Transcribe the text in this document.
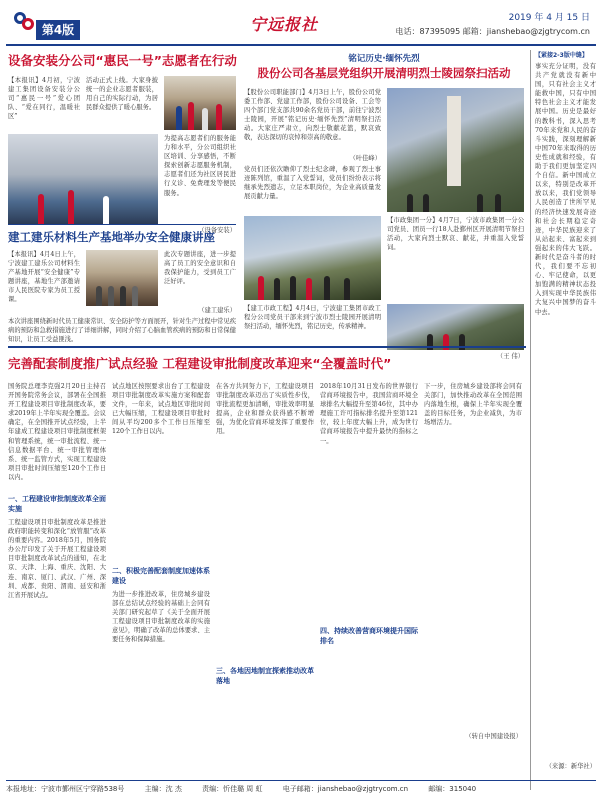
第4版	宁远报社	2019 年 4 月 15 日
电话：87395095 邮箱：jianshebao@zjgtrycom.cn
设备安装分公司“惠民一号”志愿者在行动
【本报讯】4月初，宁波建工集团设备安装分公司“惠民一号”爱心团队、“爱在同行，温暖社区”
活动正式上线。大家身披统一的企业志愿者服装，用自己的实际行动，为居民群众提供了暖心服务。
为提高志愿者们的服务能力和水平，分公司组织社区培训、分享感悟，不断探索创新志愿服务机制，志愿者们还为社区居民进行义诊、免费理发等便民服务。
（设备安装）
建工建乐材料生产基地举办安全健康讲座
【本报讯】4月4日上午，宁波建工建乐公司材料生产基地开展“安全健康”专题讲座，基地生产部邀请市人民医院专家为员工授课。
此次专题讲座，进一步提高了员工的安全意识和自我保护能力，受到员工广泛好评。
（建工建乐）
本次讲座围绕新时代员工健康常识、安全防护等方面展开，针对生产过程中常见疾病的预防和急救措施进行了详细讲解，同时介绍了心脑血管疾病的预防和日常保健知识，让员工受益匪浅。
铭记历史·缅怀先烈
股份公司各基层党组织开展清明烈士陵园祭扫活动
【股份公司职能部门】4月3日上午，股份公司党委工作部、党建工作部，股份公司设备、工会等四个部门党支部共90余名党员干部，前往宁波烈士陵园，开展“铭记历史·缅怀先烈”清明祭扫活动。大家庄严肃立，向烈士敬献花篮，默哀致敬，表达深切的哀悼和崇高的敬意。
（叶佳峰）
党员们还依次瞻仰了烈士纪念碑，参观了烈士事迹陈列馆，重温了入党誓词，党员们纷纷表示将继承先烈遗志，立足本职岗位，为企业高质量发展贡献力量。
【市政集团一分】4月7日，宁波市政集团一分公司党员、团员一行18人赴鄞州区开展清明节祭扫活动，大家向烈士默哀、献花，并重温入党誓词。
【建工市政工程】4月4日，宁波建工集团市政工程分公司党员干部来到宁波市烈士陵园开展清明祭扫活动，缅怀先烈，铭记历史，传承精神。
（王 伟）
完善配套制度推广试点经验 工程建设审批制度改革迎来“全覆盖时代”
国务院总理李克强2月20日主持召开国务院常务会议，部署在全国推开工程建设项目审批制度改革，要求2019年上半年实现全覆盖。会议确定，在全国推开试点经验，上半年建成工程建设项目审批制度框架和管理系统，统一审批流程、统一信息数据平台、统一审批管理体系、统一监管方式，实现工程建设项目审批时间压缩至120个工作日以内。
一、工程建设审批制度改革全面实施
工程建设项目审批制度改革是推进政府职能转变和深化“放管服”改革的重要内容。2018年5月，国务院办公厅印发了关于开展工程建设项目审批制度改革试点的通知，在北京、天津、上海、重庆、沈阳、大连、南京、厦门、武汉、广州、深圳、成都、贵阳、渭南、延安和浙江省开展试点。
试点地区按照要求出台了工程建设项目审批制度改革实施方案和配套文件，一年来，试点地区审批时间已大幅压缩，工程建设项目审批时间从平均200多个工作日压缩至120个工作日以内。
二、积极完善配套制度加速体系建设
为进一步推进改革，住房城乡建设部在总结试点经验的基础上会同有关部门研究起草了《关于全面开展工程建设项目审批制度改革的实施意见》，明确了改革的总体要求、主要任务和保障措施。
在各方共同努力下，工程建设项目审批制度改革迈出了实质性步伐，审批流程更加清晰，审批效率明显提高，企业和群众获得感不断增强，为优化营商环境发挥了重要作用。
三、各地因地制宜探索推动改革落地
2018年10月31日发布的世界银行营商环境报告中，我国营商环境全球排名大幅提升至第46位，其中办理施工许可指标排名提升至第121位，较上年度大幅上升，成为世行营商环境报告中提升最快的指标之一。
四、持续改善营商环境提升国际排名
下一步，住房城乡建设部将会同有关部门，加快推动改革在全国范围内落地生根，确保上半年实现全覆盖的目标任务，为企业减负，为市场增活力。
（转自中国建设报）
【紧接2-3版中缝】
事实充分证明，没有共产党就没有新中国，只有社会主义才能救中国，只有中国特色社会主义才能发展中国。历史是最好的教科书，深入思考70年来党和人民的奋斗实践，深刻理解新中国70年来取得的历史性成就和经验，有助于我们更加坚定四个自信。新中国成立以来，特别是改革开放以来，我们党领导人民创造了世所罕见的经济快速发展奇迹和社会长期稳定奇迹，中华民族迎来了从站起来、富起来到强起来的伟大飞跃。新时代是奋斗者的时代，我们要不忘初心、牢记使命，以更加饱满的精神状态投入到实现中华民族伟大复兴中国梦的奋斗中去。
（来源：新华社）
本报地址：宁波市鄞州区宁穿路538号	主编：沈 杰	责编：忻佳璐 周 虹	电子邮箱：jianshebao@zjgtrycom.cn	邮编：315040
